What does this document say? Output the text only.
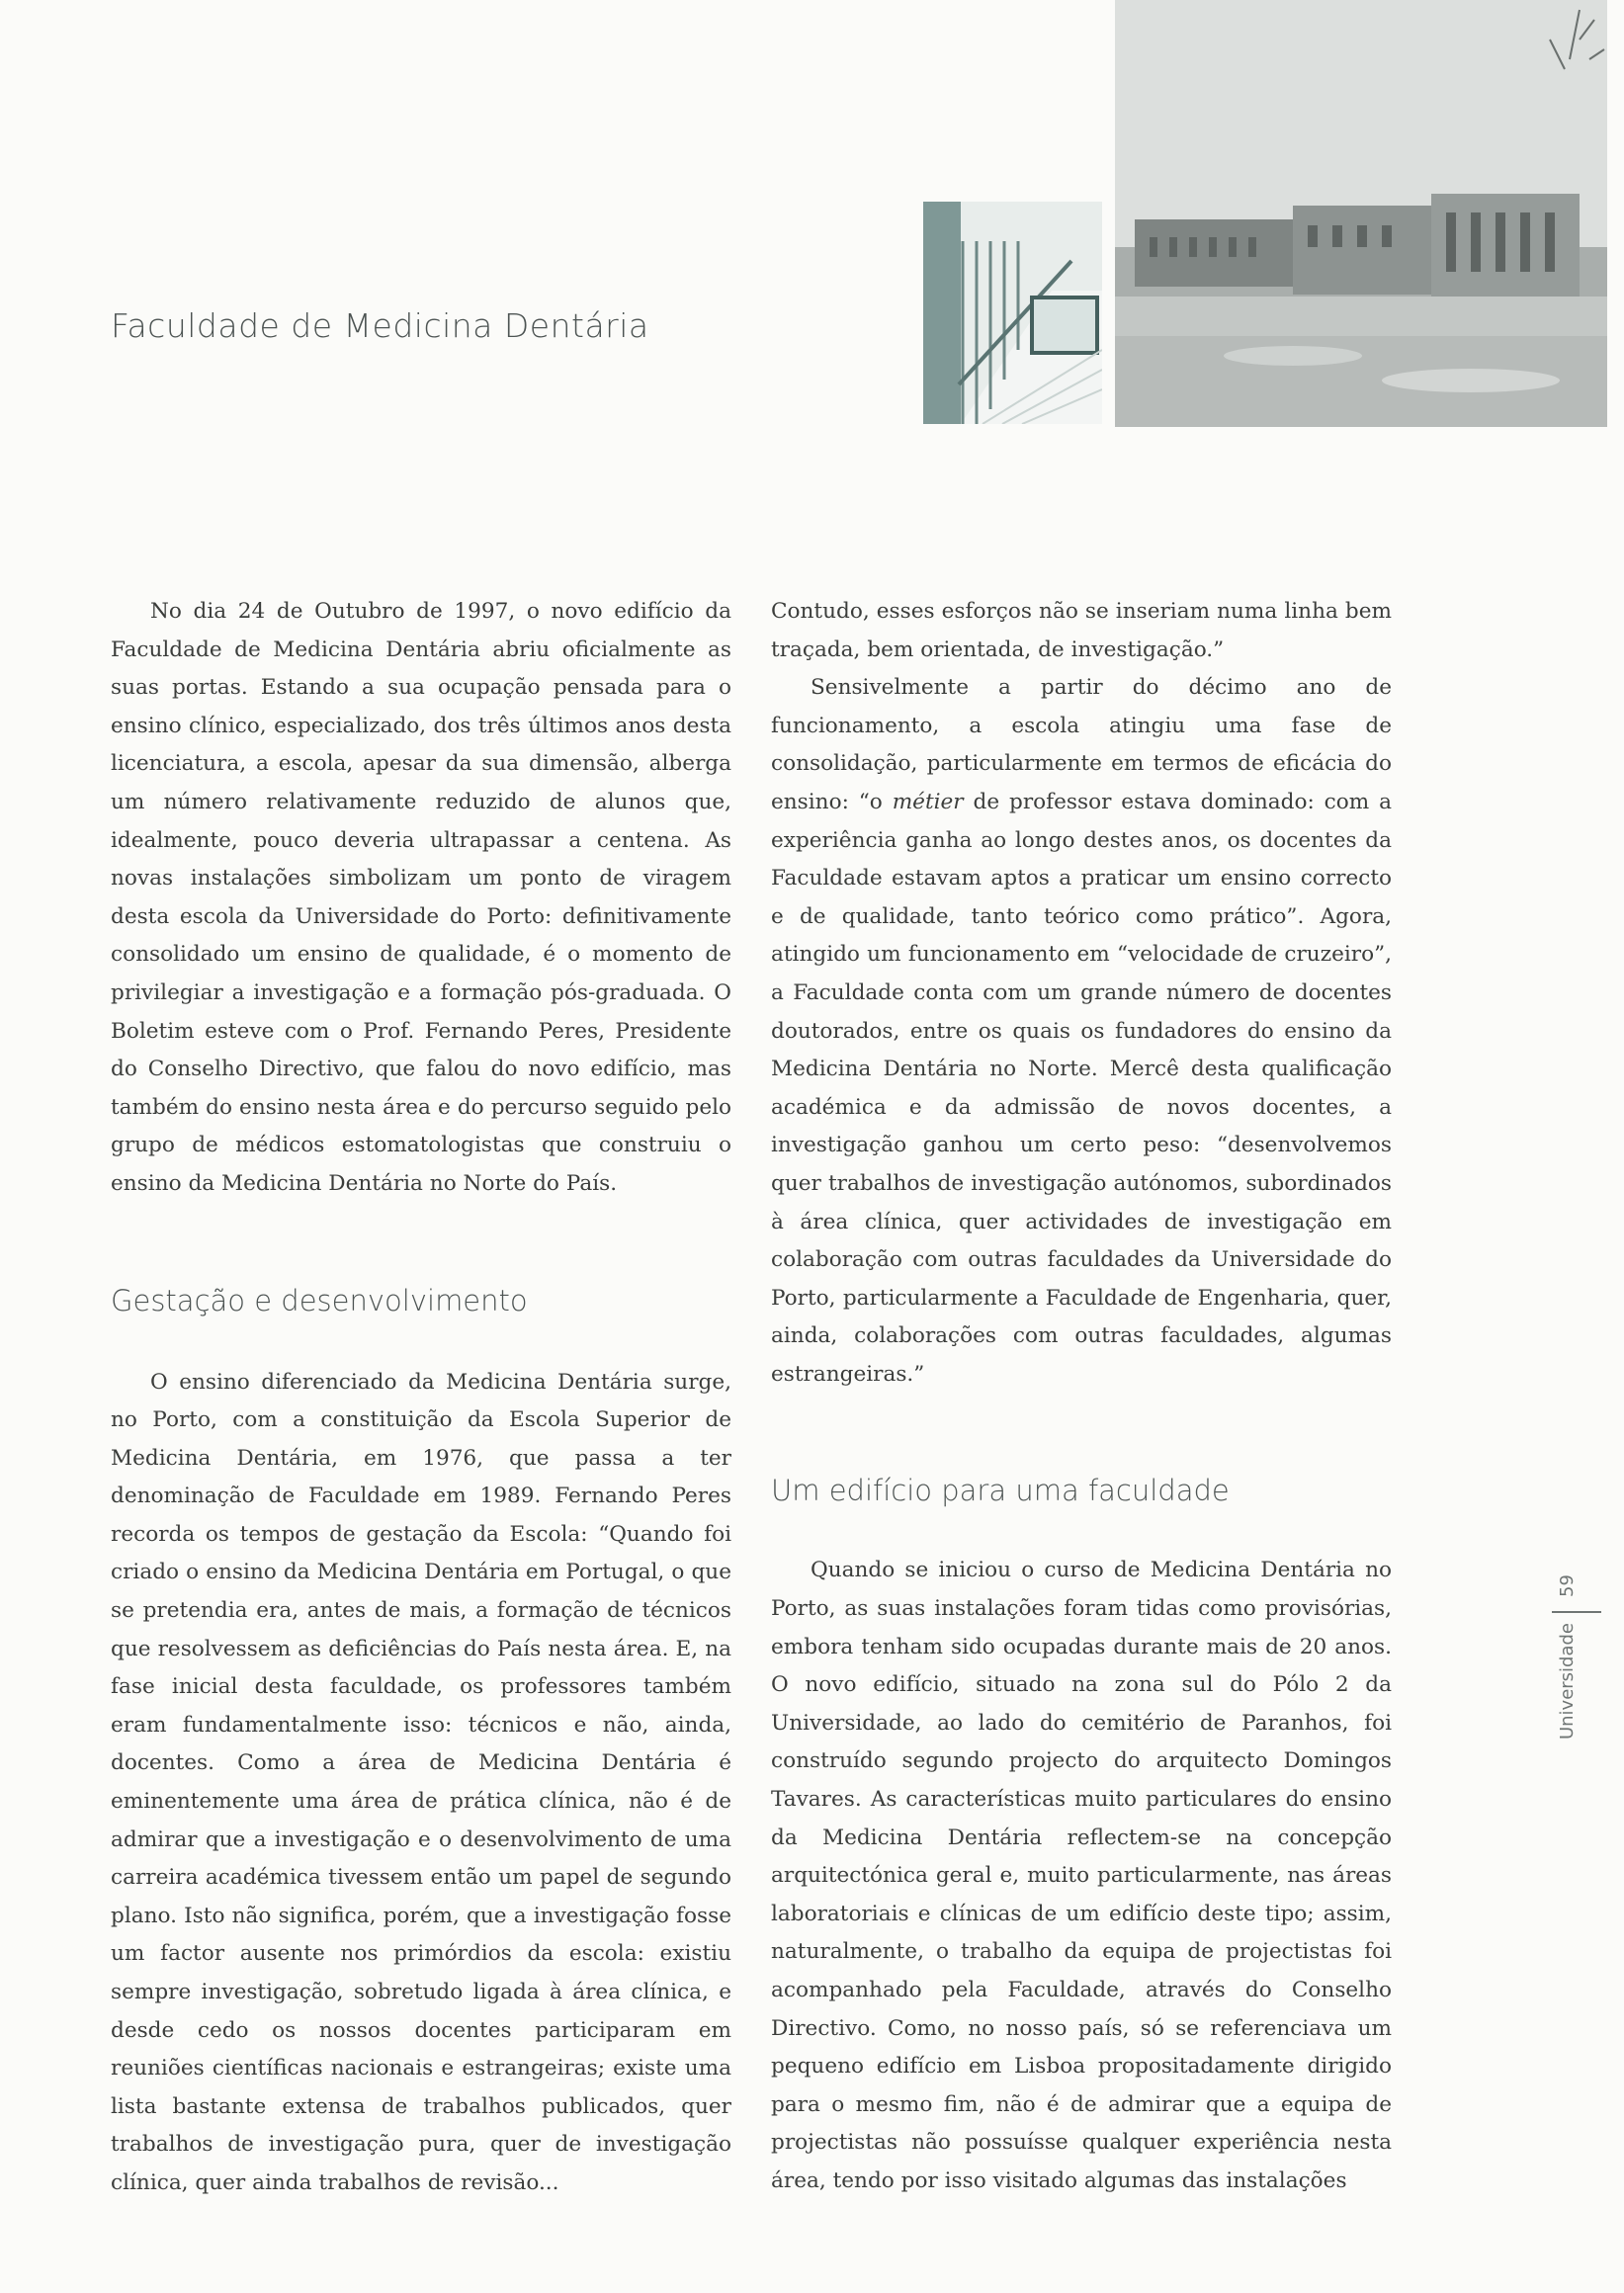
Faculdade de Medicina Dentária

No dia 24 de Outubro de 1997, o novo edifício da Faculdade de Medicina Dentária abriu oficialmente as suas portas. Estando a sua ocupação pensada para o ensino clínico, especializado, dos três últimos anos desta licenciatura, a escola, apesar da sua dimensão, alberga um número relativamente reduzido de alunos que, idealmente, pouco deveria ultrapassar a centena. As novas instalações simbolizam um ponto de viragem desta escola da Universidade do Porto: definitivamente consolidado um ensino de qualidade, é o momento de privilegiar a investigação e a formação pós-graduada. O Boletim esteve com o Prof. Fernando Peres, Presidente do Conselho Directivo, que falou do novo edifício, mas também do ensino nesta área e do percurso seguido pelo grupo de médicos estomatologistas que construiu o ensino da Medicina Dentária no Norte do País.

Gestação e desenvolvimento

O ensino diferenciado da Medicina Dentária surge, no Porto, com a constituição da Escola Superior de Medicina Dentária, em 1976, que passa a ter denominação de Faculdade em 1989. Fernando Peres recorda os tempos de gestação da Escola: “Quando foi criado o ensino da Medicina Dentária em Portugal, o que se pretendia era, antes de mais, a formação de técnicos que resolvessem as deficiências do País nesta área. E, na fase inicial desta faculdade, os professores também eram fundamentalmente isso: técnicos e não, ainda, docentes. Como a área de Medicina Dentária é eminentemente uma área de prática clínica, não é de admirar que a investigação e o desenvolvimento de uma carreira académica tivessem então um papel de segundo plano. Isto não significa, porém, que a investigação fosse um factor ausente nos primórdios da escola: existiu sempre investigação, sobretudo ligada à área clínica, e desde cedo os nossos docentes participaram em reuniões científicas nacionais e estrangeiras; existe uma lista bastante extensa de trabalhos publicados, quer trabalhos de investigação pura, quer de investigação clínica, quer ainda trabalhos de revisão...

Contudo, esses esforços não se inseriam numa linha bem traçada, bem orientada, de investigação.”

Sensivelmente a partir do décimo ano de funcionamento, a escola atingiu uma fase de consolidação, particularmente em termos de eficácia do ensino: “o métier de professor estava dominado: com a experiência ganha ao longo destes anos, os docentes da Faculdade estavam aptos a praticar um ensino correcto e de qualidade, tanto teórico como prático”. Agora, atingido um funcionamento em “velocidade de cruzeiro”, a Faculdade conta com um grande número de docentes doutorados, entre os quais os fundadores do ensino da Medicina Dentária no Norte. Mercê desta qualificação académica e da admissão de novos docentes, a investigação ganhou um certo peso: “desenvolvemos quer trabalhos de investigação autónomos, subordinados à área clínica, quer actividades de investigação em colaboração com outras faculdades da Universidade do Porto, particularmente a Faculdade de Engenharia, quer, ainda, colaborações com outras faculdades, algumas estrangeiras.”

Um edifício para uma faculdade

Quando se iniciou o curso de Medicina Dentária no Porto, as suas instalações foram tidas como provisórias, embora tenham sido ocupadas durante mais de 20 anos. O novo edifício, situado na zona sul do Pólo 2 da Universidade, ao lado do cemitério de Paranhos, foi construído segundo projecto do arquitecto Domingos Tavares. As características muito particulares do ensino da Medicina Dentária reflectem-se na concepção arquitectónica geral e, muito particularmente, nas áreas laboratoriais e clínicas de um edifício deste tipo; assim, naturalmente, o trabalho da equipa de projectistas foi acompanhado pela Faculdade, através do Conselho Directivo. Como, no nosso país, só se referenciava um pequeno edifício em Lisboa propositadamente dirigido para o mesmo fim, não é de admirar que a equipa de projectistas não possuísse qualquer experiência nesta área, tendo por isso visitado algumas das instalações

Universidade
59
